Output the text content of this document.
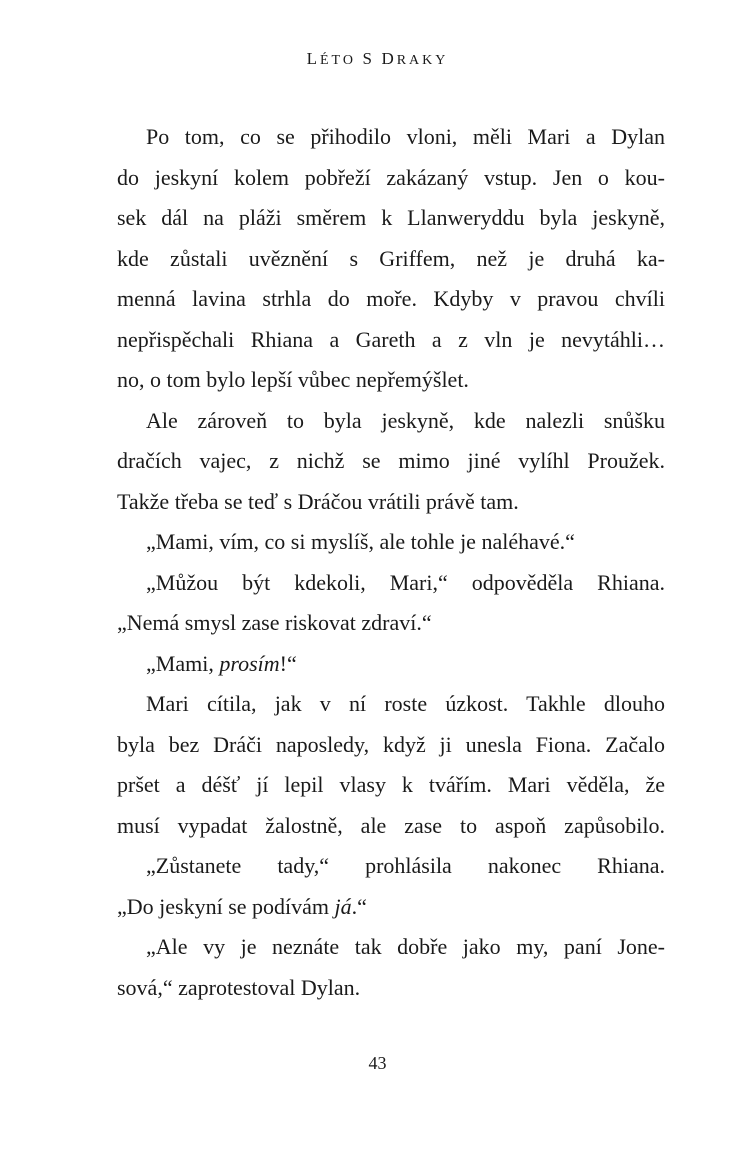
LÉTO S DRAKY
Po tom, co se přihodilo vloni, měli Mari a Dylan
do jeskyní kolem pobřeží zakázaný vstup. Jen o kou-
sek dál na pláži směrem k Llanweryddu byla jeskyně,
kde zůstali uvěznění s Griffem, než je druhá ka-
menná lavina strhla do moře. Kdyby v pravou chvíli
nepřispěchali Rhiana a Gareth a z vln je nevytáhli…
no, o tom bylo lepší vůbec nepřemýšlet.
Ale zároveň to byla jeskyně, kde nalezli snůšku
dračích vajec, z nichž se mimo jiné vylíhl Proužek.
Takže třeba se teď s Dráčou vrátili právě tam.
„Mami, vím, co si myslíš, ale tohle je naléhavé.“
„Můžou být kdekoli, Mari,“ odpověděla Rhiana.
„Nemá smysl zase riskovat zdraví.“
„Mami, prosím!“
Mari cítila, jak v ní roste úzkost. Takhle dlouho
byla bez Dráči naposledy, když ji unesla Fiona. Začalo
pršet a déšť jí lepil vlasy k tvářím. Mari věděla, že
musí vypadat žalostně, ale zase to aspoň zapůsobilo.
„Zůstanete tady,“ prohlásila nakonec Rhiana.
„Do jeskyní se podívám já.“
„Ale vy je neznáte tak dobře jako my, paní Jone-
sová,“ zaprotestoval Dylan.
43
